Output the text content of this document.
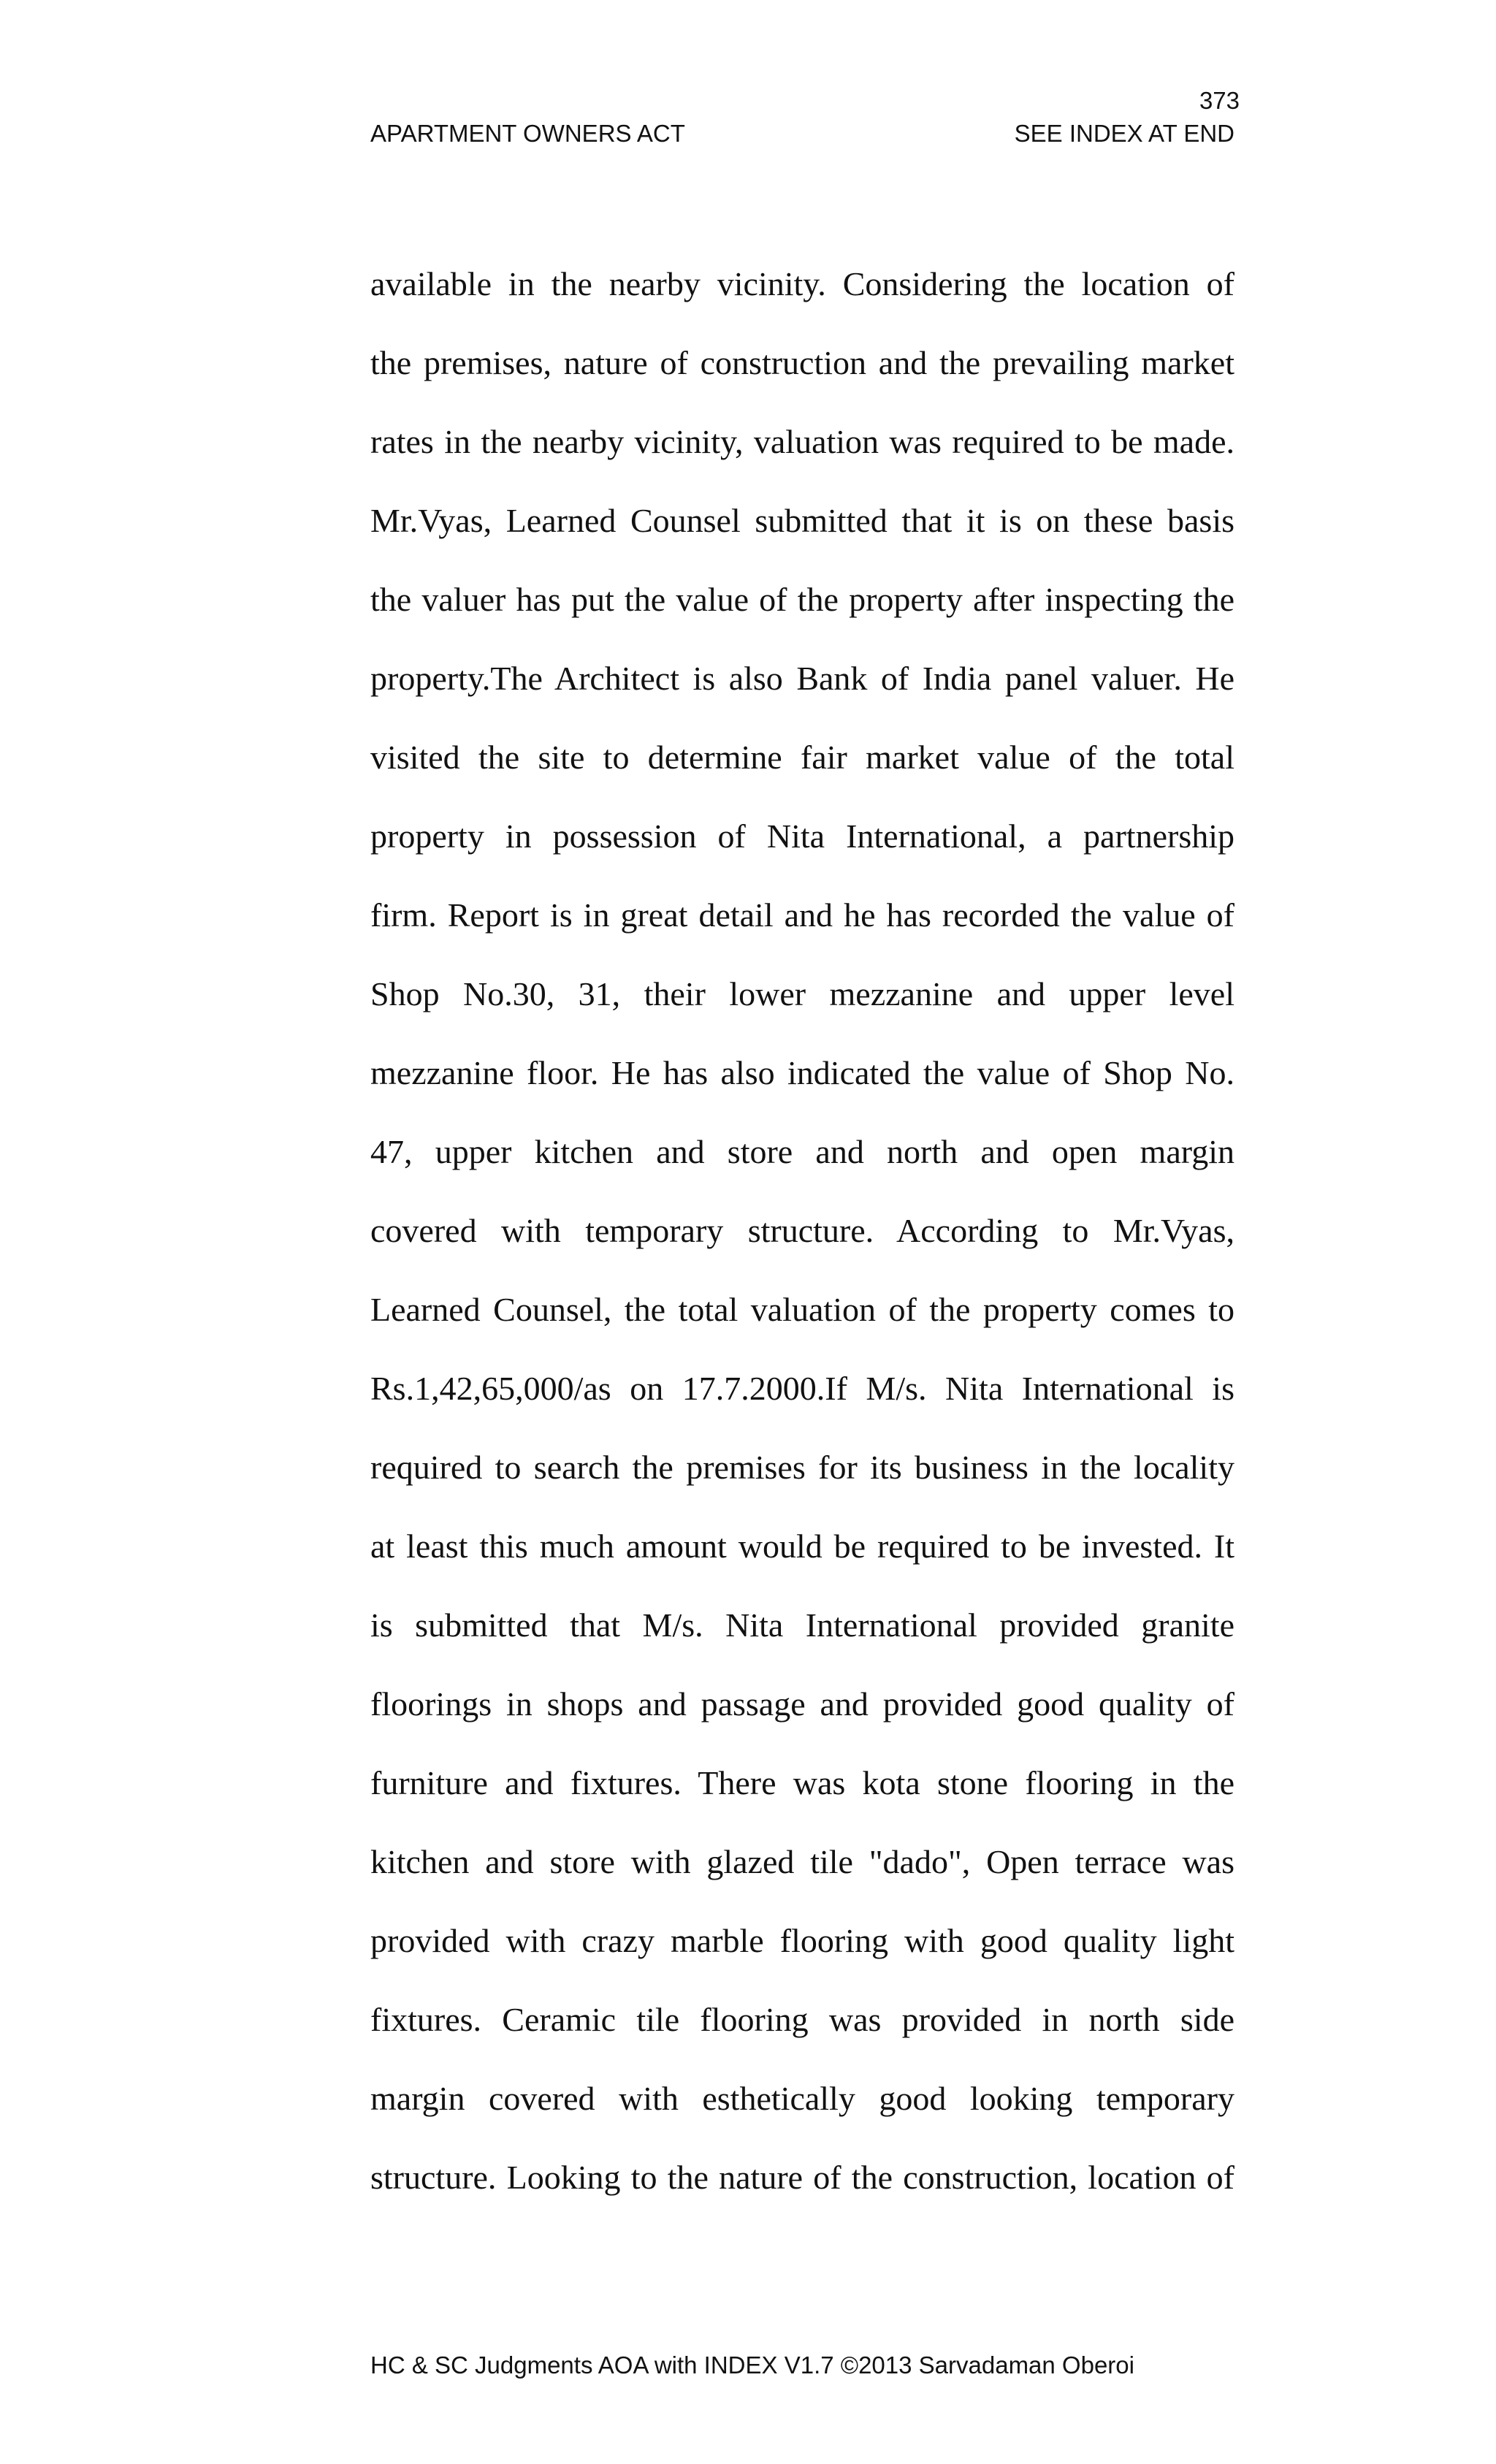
373
APARTMENT OWNERS ACT	SEE INDEX AT END
available in the nearby vicinity. Considering the location of
the premises, nature of construction and the prevailing market
rates in the nearby vicinity, valuation was required to be made.
Mr.Vyas, Learned Counsel submitted that it is on these basis
the valuer has put the value of the property after inspecting the
property.The Architect is also Bank of India panel valuer. He
visited the site to determine fair market value of the total
property in possession of Nita International, a partnership
firm. Report is in great detail and he has recorded the value of
Shop No.30, 31, their lower mezzanine and upper level
mezzanine floor. He has also indicated the value of Shop No.
47, upper kitchen and store and north and open margin
covered with temporary structure. According to Mr.Vyas,
Learned Counsel, the total valuation of the property comes to
Rs.1,42,65,000/as on 17.7.2000.If M/s. Nita International is
required to search the premises for its business in the locality
at least this much amount would be required to be invested. It
is submitted that M/s. Nita International provided granite
floorings in shops and passage and provided good quality of
furniture and fixtures. There was kota stone flooring in the
kitchen and store with glazed tile "dado", Open terrace was
provided with crazy marble flooring with good quality light
fixtures. Ceramic tile flooring was provided in north side
margin covered with esthetically good looking temporary
structure. Looking to the nature of the construction, location of
HC & SC Judgments AOA with INDEX V1.7 ©2013 Sarvadaman Oberoi
